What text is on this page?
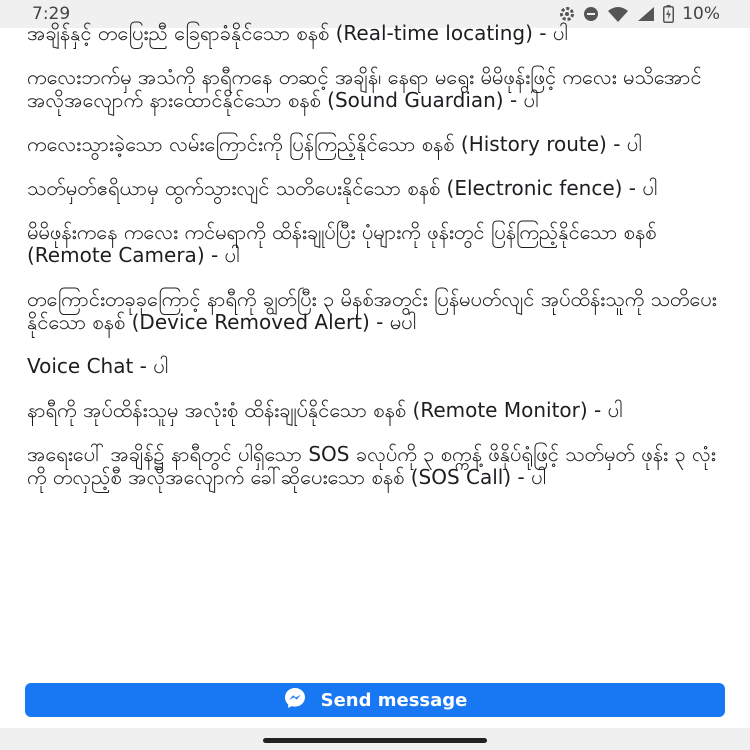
7:29	10%

အချိန်နှင့် တပြေးညီ ခြေရာခံနိုင်သော စနစ် (Real-time locating) - ပါ

ကလေးဘက်မှ အသံကို နာရီကနေ တဆင့် အချိန်၊ နေရာ မရွေး မိမိဖုန်းဖြင့် ကလေး မသိအောင် အလိုအလျောက် နားထောင်နိုင်သော စနစ် (Sound Guardian) - ပါ

ကလေးသွားခဲ့သော လမ်းကြောင်းကို ပြန်ကြည့်နိုင်သော စနစ် (History route) - ပါ

သတ်မှတ်ဧရိယာမှ ထွက်သွားလျင် သတိပေးနိုင်သော စနစ် (Electronic fence) - ပါ

မိမိဖုန်းကနေ ကလေး ကင်မရာကို ထိန်းချုပ်ပြီး ပုံများကို ဖုန်းတွင် ပြန်ကြည့်နိုင်သော စနစ် (Remote Camera) - ပါ

တကြောင်းတခုခုကြောင့် နာရီကို ချွတ်ပြီး ၃ မိနစ်အတွင်း ပြန်မပတ်လျင် အုပ်ထိန်းသူကို သတိပေးနိုင်သော စနစ် (Device Removed Alert) - မပါ

Voice Chat - ပါ

နာရီကို အုပ်ထိန်းသူမှ အလုံးစုံ ထိန်းချုပ်နိုင်သော စနစ် (Remote Monitor) - ပါ

အရေးပေါ် အချိန်၌ နာရီတွင် ပါရှိသော SOS ခလုပ်ကို ၃ စက္ကန့် ဖိနှိပ်ရုံဖြင့် သတ်မှတ် ဖုန်း ၃ လုံးကို တလှည့်စီ အလိုအလျောက် ခေါ်ဆိုပေးသော စနစ် (SOS Call) - ပါ

Send message
